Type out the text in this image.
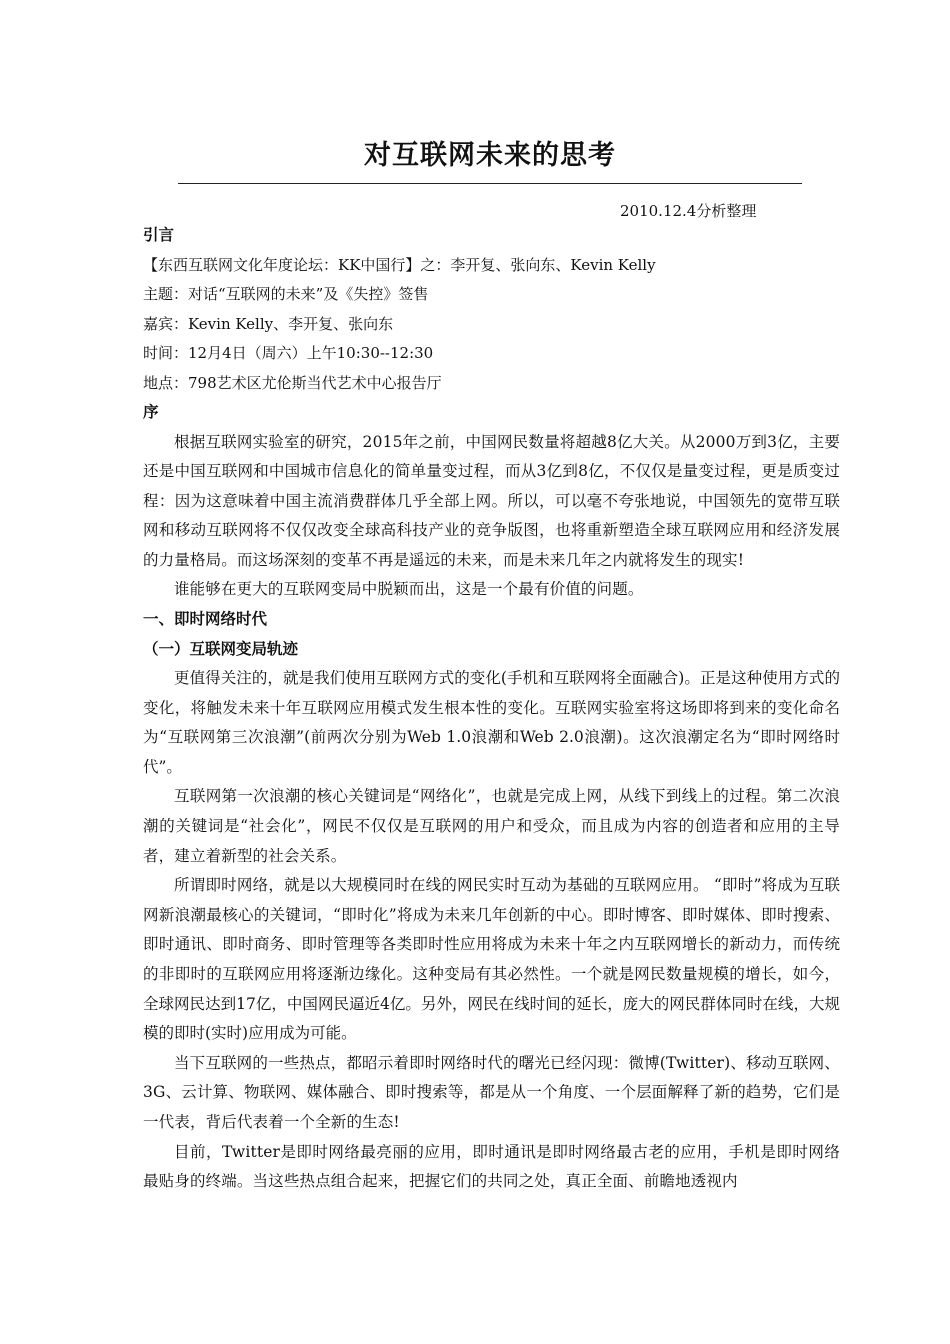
对互联网未来的思考
2010.12.4分析整理
引言
【东西互联网文化年度论坛：KK中国行】之：李开复、张向东、Kevin Kelly
主题：对话“互联网的未来”及《失控》签售
嘉宾：Kevin Kelly、李开复、张向东
时间：12月4日（周六）上午10:30--12:30
地点：798艺术区尤伦斯当代艺术中心报告厅
序

根据互联网实验室的研究，2015年之前，中国网民数量将超越8亿大关。从2000万到3亿，主要还是中国互联网和中国城市信息化的简单量变过程，而从3亿到8亿，不仅仅是量变过程，更是质变过程：因为这意味着中国主流消费群体几乎全部上网。所以，可以毫不夸张地说，中国领先的宽带互联网和移动互联网将不仅仅改变全球高科技产业的竞争版图，也将重新塑造全球互联网应用和经济发展的力量格局。而这场深刻的变革不再是遥远的未来，而是未来几年之内就将发生的现实!

谁能够在更大的互联网变局中脱颖而出，这是一个最有价值的问题。

一、即时网络时代
（一）互联网变局轨迹

更值得关注的，就是我们使用互联网方式的变化(手机和互联网将全面融合)。正是这种使用方式的变化，将触发未来十年互联网应用模式发生根本性的变化。互联网实验室将这场即将到来的变化命名为“互联网第三次浪潮”(前两次分别为Web 1.0浪潮和Web 2.0浪潮)。这次浪潮定名为“即时网络时代”。

互联网第一次浪潮的核心关键词是“网络化”，也就是完成上网，从线下到线上的过程。第二次浪潮的关键词是“社会化”，网民不仅仅是互联网的用户和受众，而且成为内容的创造者和应用的主导者，建立着新型的社会关系。

所谓即时网络，就是以大规模同时在线的网民实时互动为基础的互联网应用。 “即时”将成为互联网新浪潮最核心的关键词，“即时化”将成为未来几年创新的中心。即时博客、即时媒体、即时搜索、即时通讯、即时商务、即时管理等各类即时性应用将成为未来十年之内互联网增长的新动力，而传统的非即时的互联网应用将逐渐边缘化。这种变局有其必然性。一个就是网民数量规模的增长，如今，全球网民达到17亿，中国网民逼近4亿。另外，网民在线时间的延长，庞大的网民群体同时在线，大规模的即时(实时)应用成为可能。

当下互联网的一些热点，都昭示着即时网络时代的曙光已经闪现：微博(Twitter)、移动互联网、3G、云计算、物联网、媒体融合、即时搜索等，都是从一个角度、一个层面解释了新的趋势，它们是一代表，背后代表着一个全新的生态!

目前，Twitter是即时网络最亮丽的应用，即时通讯是即时网络最古老的应用，手机是即时网络最贴身的终端。当这些热点组合起来，把握它们的共同之处，真正全面、前瞻地透视内
